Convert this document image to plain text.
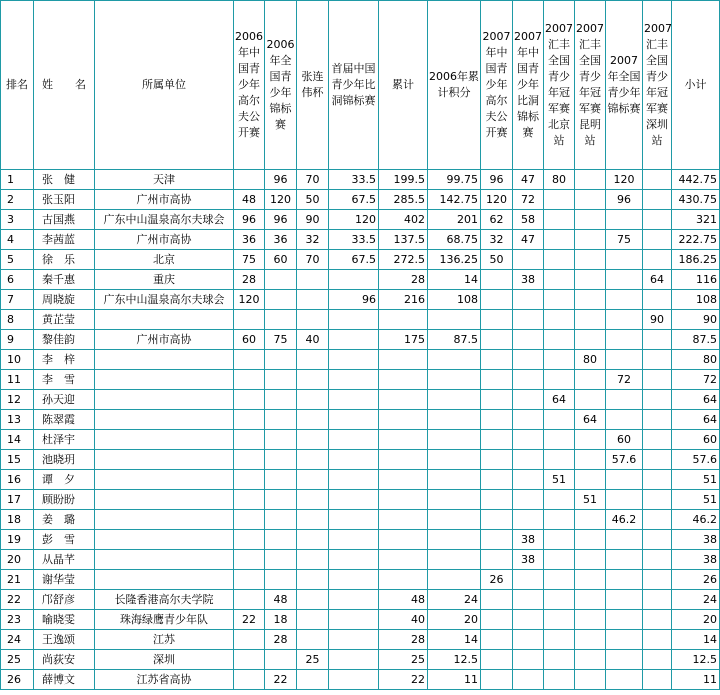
排名	姓　　名	所属单位	2006年中国青少年高尔夫公开赛	2006年全国青少年锦标赛	张连伟杯	首届中国青少年比洞锦标赛	累计	2006年累计积分	2007年中国青少年高尔夫公开赛	2007年中国青少年比洞锦标赛	2007汇丰全国青少年冠军赛北京站	2007汇丰全国青少年冠军赛昆明站	2007年全国青少年锦标赛	2007汇丰全国青少年冠军赛深圳站	小计
1	张　健	天津		96	70	33.5	199.5	99.75	96	47	80		120		442.75
2	张玉阳	广州市高协	48	120	50	67.5	285.5	142.75	120	72			96		430.75
3	古国燕	广东中山温泉高尔夫球会	96	96	90	120	402	201	62	58					321
4	李茜蓝	广州市高协	36	36	32	33.5	137.5	68.75	32	47			75		222.75
5	徐　乐	北京	75	60	70	67.5	272.5	136.25	50						186.25
6	秦千惠	重庆	28				28	14		38				64	116
7	周晓旋	广东中山温泉高尔夫球会	120			96	216	108							108
8	黄芷莹													90	90
9	黎佳韵	广州市高协	60	75	40		175	87.5							87.5
10	李　梓											80			80
11	李　雪												72		72
12	孙天迎										64				64
13	陈翠霞											64			64
14	杜泽宇												60		60
15	池晓玥												57.6		57.6
16	谭　夕										51				51
17	顾盼盼											51			51
18	姜　璐												46.2		46.2
19	彭　雪									38					38
20	从晶芊									38					38
21	谢华莹								26						26
22	邝舒彦	长隆香港高尔夫学院		48			48	24							24
23	喻晓雯	珠海绿鹰青少年队	22	18			40	20							20
24	王逸颂	江苏		28			28	14							14
25	尚荻安	深圳			25		25	12.5							12.5
26	薛博文	江苏省高协		22			22	11							11
